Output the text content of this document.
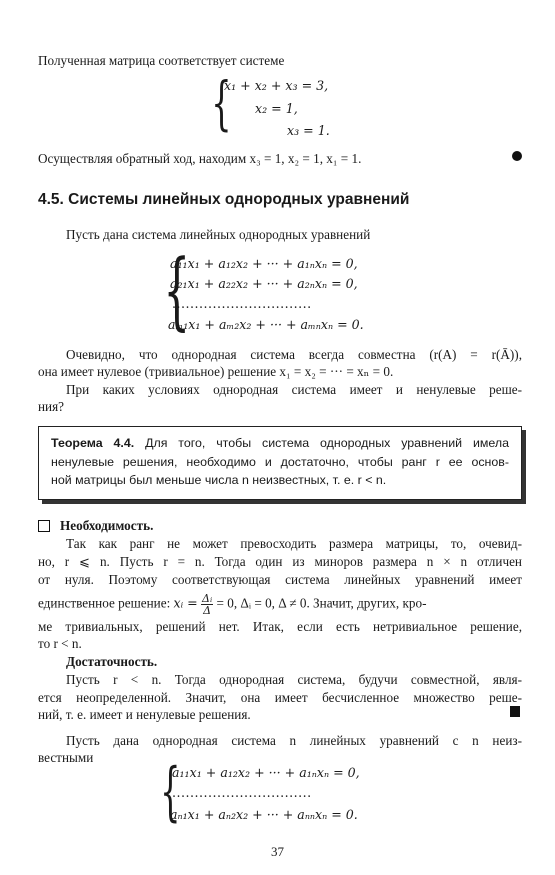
Полученная матрица соответствует системе
{
x₁ + x₂ + x₃ = 3,
x₂ = 1,
x₃ = 1.
Осуществляя обратный ход, находим x₃ = 1, x₂ = 1, x₁ = 1.
4.5. Системы линейных однородных уравнений
Пусть дана система линейных однородных уравнений
{
a₁₁x₁ + a₁₂x₂ + ··· + a₁ₙxₙ = 0,
a₂₁x₁ + a₂₂x₂ + ··· + a₂ₙxₙ = 0,
...............................
aₘ₁x₁ + aₘ₂x₂ + ··· + aₘₙxₙ = 0.
Очевидно, что однородная система всегда совместна (r(A) = r(Ā)),
она имеет нулевое (тривиальное) решение x₁ = x₂ = ··· = xₙ = 0.
При каких условиях однородная система имеет и ненулевые реше-
ния?
Теорема 4.4. Для того, чтобы система однородных уравнений имела
ненулевые решения, необходимо и достаточно, чтобы ранг r ее основ-
ной матрицы был меньше числа n неизвестных, т. е. r < n.
Необходимость.
Так как ранг не может превосходить размера матрицы, то, очевид-
но, r ⩽ n. Пусть r = n. Тогда один из миноров размера n × n отличен
от нуля. Поэтому соответствующая система линейных уравнений имеет
единственное решение: xᵢ = $\frac{\text{Δᵢ}}{\Delta} = 0$, Δᵢ = 0, Δ ≠ 0. Значит, других, кро-
ме тривиальных, решений нет. Итак, если есть нетривиальное решение,
то r < n.
Достаточность.
Пусть r < n. Тогда однородная система, будучи совместной, явля-
ется неопределенной. Значит, она имеет бесчисленное множество реше-
ний, т. е. имеет и ненулевые решения.
Пусть дана однородная система n линейных уравнений с n неиз-
вестными {
a₁₁x₁ + a₁₂x₂ + ··· + a₁ₙxₙ = 0,
...............................
aₙ₁x₁ + aₙ₂x₂ + ··· + aₙₙxₙ = 0.
37
